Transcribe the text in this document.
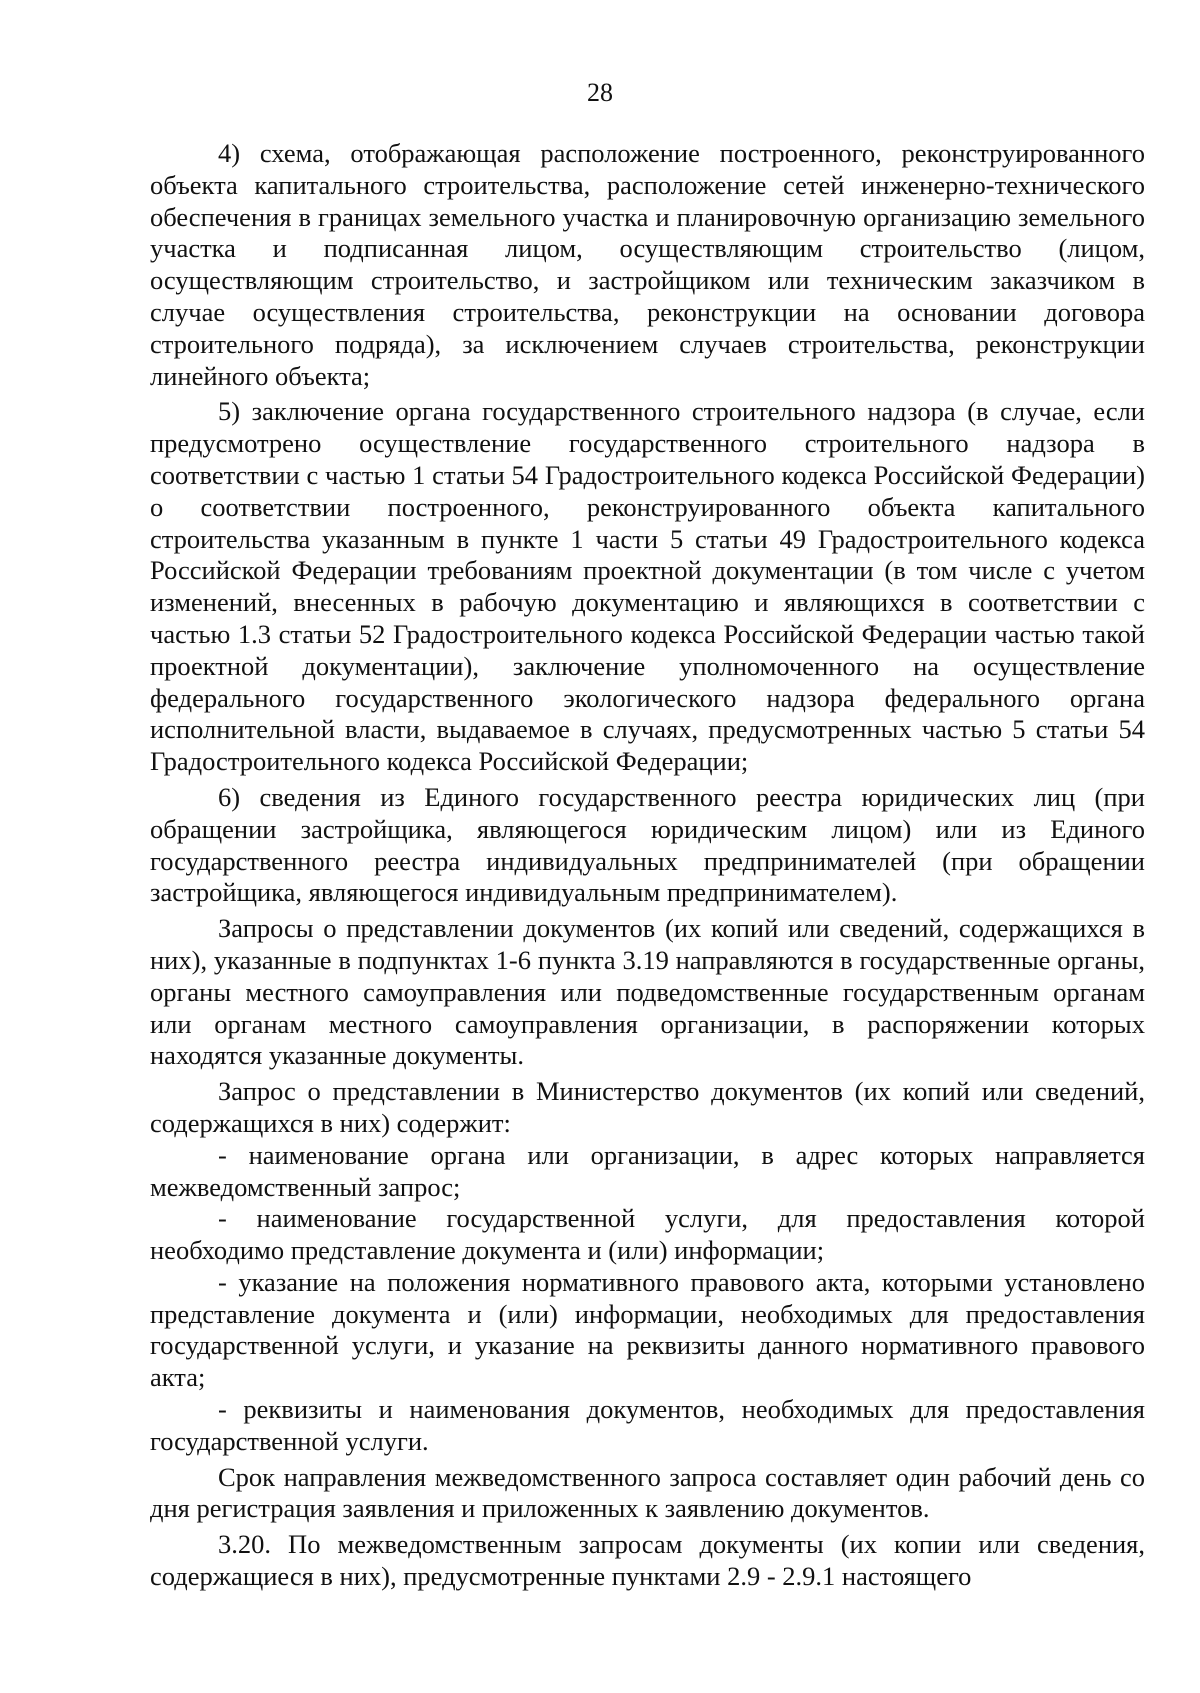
28

4) схема, отображающая расположение построенного, реконструированного объекта капитального строительства, расположение сетей инженерно-технического обеспечения в границах земельного участка и планировочную организацию земельного участка и подписанная лицом, осуществляющим строительство (лицом, осуществляющим строительство, и застройщиком или техническим заказчиком в случае осуществления строительства, реконструкции на основании договора строительного подряда), за исключением случаев строительства, реконструкции линейного объекта;

5) заключение органа государственного строительного надзора (в случае, если предусмотрено осуществление государственного строительного надзора в соответствии с частью 1 статьи 54 Градостроительного кодекса Российской Федерации) о соответствии построенного, реконструированного объекта капитального строительства указанным в пункте 1 части 5 статьи 49 Градостроительного кодекса Российской Федерации требованиям проектной документации (в том числе с учетом изменений, внесенных в рабочую документацию и являющихся в соответствии с частью 1.3 статьи 52 Градостроительного кодекса Российской Федерации частью такой проектной документации), заключение уполномоченного на осуществление федерального государственного экологического надзора федерального органа исполнительной власти, выдаваемое в случаях, предусмотренных частью 5 статьи 54 Градостроительного кодекса Российской Федерации;

6) сведения из Единого государственного реестра юридических лиц (при обращении застройщика, являющегося юридическим лицом) или из Единого государственного реестра индивидуальных предпринимателей (при обращении застройщика, являющегося индивидуальным предпринимателем).

Запросы о представлении документов (их копий или сведений, содержащихся в них), указанные в подпунктах 1-6 пункта 3.19 направляются в государственные органы, органы местного самоуправления или подведомственные государственным органам или органам местного самоуправления организации, в распоряжении которых находятся указанные документы.

Запрос о представлении в Министерство документов (их копий или сведений, содержащихся в них) содержит:

- наименование органа или организации, в адрес которых направляется межведомственный запрос;

- наименование государственной услуги, для предоставления которой необходимо представление документа и (или) информации;

- указание на положения нормативного правового акта, которыми установлено представление документа и (или) информации, необходимых для предоставления государственной услуги, и указание на реквизиты данного нормативного правового акта;

- реквизиты и наименования документов, необходимых для предоставления государственной услуги.

Срок направления межведомственного запроса составляет один рабочий день со дня регистрация заявления и приложенных к заявлению документов.

3.20. По межведомственным запросам документы (их копии или сведения, содержащиеся в них), предусмотренные пунктами 2.9 - 2.9.1 настоящего
